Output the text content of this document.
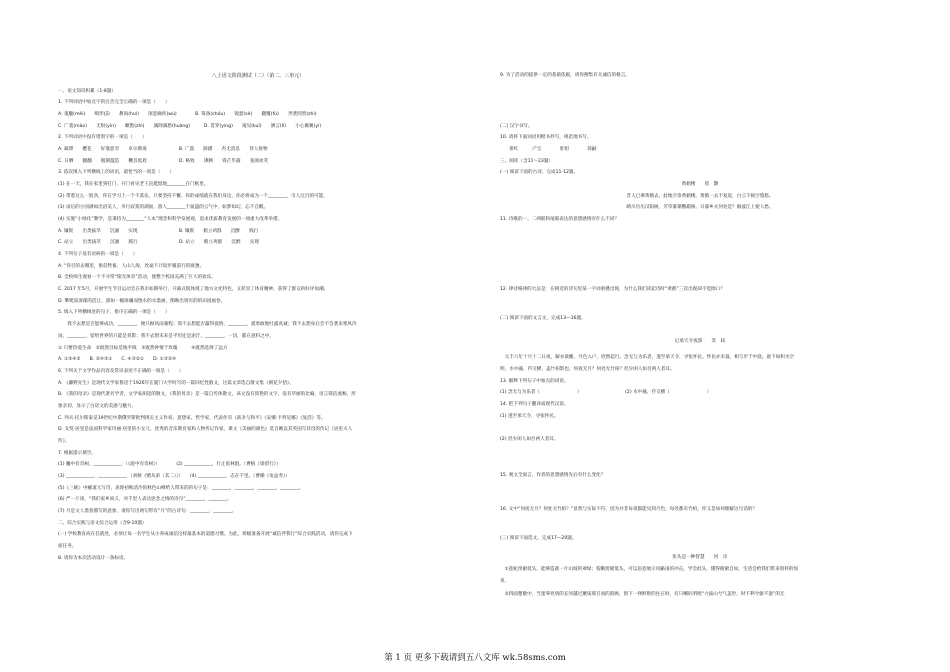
八上语文阶段测试（二）（第二、三单元）
一、语文知识积累（1-8题）
1. 下列词语中加点字的注音完全正确的一项是（　　）
A. 鬼魅(mèi)　　畸形(jī)　　教诲(huì)　　深恶痛疾(wù)　　　　B. 筹备(chóu)　　锦瑟(sè)　　翻覆(fù)　　世袭罔替(zhì)
C. 广袤(mào)　　无垠(yín)　　瞰饱(zhì)　　滅除滅愁(huàng)　　　D. 贯穿(yíng)　　窥见(kuī)　　洒言(lì)　　小心翼翼(yì)
2. 下列词语中没有错别字的一项是（　　）
A. 凝滞　　樱花　　好逸恶劳　　卓尔教诲　　　　　　　B. 广漠　　踌躇　　杏无消息　　待人接物
C. 日晒　　翻翻　　粗制滥造　　鞭首低眉　　　　　　　D. 格致　　沸腾　　锋芒毕露　　张颜欢笑
3. 依次填入下列横线上的词语，最恰当的一项是（　　）
(1) 在一天，我在家里到打门，开门看见老王直挺挺地________在门框里。
(2) 带着这么一股劲，你在学习上一个不落伍，只要坚持不懈，你的成绩就在我们身边，你必将成为一个________，引人注目的可能。
(3) 雨后的小园满如出浴美人，舟行寂寞的湖面，游人________于氤氲的云气中，如梦如幻，忘不自醒。
(4) 实施“小绿化”教学，是秉持为________“人本”理念和科学发展观，追求优质教育发展的一项重大改革举措。
A. 镶嵌　　出类拔萃　　沉湎　　实现　　　　　　　　　B. 镶嵌　　鹤立鸡群　　沉醉　　践行
C. 站立　　出类拔萃　　沉湎　　践行　　　　　　　　　D. 站立　　鹤立鸡群　　沉醉　　实现
4. 下列句子没有语病的一项是（　　）
A. “你目的去哪里，驱赶牲畜，人山人海，丝毫不计较步履前行的疲惫。
B. 全校师生观看一个不寻常“阳光体育”活动，使整个校园充满了巨大的欢乐。
C. 2017 年5月，开展学生节目运动会在我市如期举行，开幕式既体现了地方文化特色，又彰显了体育精神，获得了群众的好评如潮。
D. 攀爬南漳郁的活江，游如一幅斑斓而饱水的水墨画，倒映出别有韵的田园画卷。
5. 填入下列横线处的句子，排序正确的一项是（　　）
　　我不去想是否能够成功，________，便只顾风雨兼程；我不去想能否赢得爱情，________，就勇敢地吐露真诚；我不去想身后会不会袭来寒风冷
雨，________，留给世界的只能是背影；我不去想未来是平坦还是泥泞，________，一切，都在意料之中。
① 只要热爱生命　②既然目标是地平线　③既然钟情于玫瑰　　　④既然选择了远方
A. ①③④②　　B. ②④③①　　C. ④③②①　　D. ①③②④
6. 下列关于文学作品内容及常识表述不正确的一项是（　　）
A. 《藤野先生》是现代文学家鲁迅于1926年在厦门大学时写的一篇回忆性散文，这篇文章选自散文集《朝花夕拾》。
B. 《我的母亲》是现代著名学者、文学家胡适的散文，《我的母亲》是一篇自传体散文，该文没有浓艳的文字，没有华丽的比喻，语言简洁流畅，形
象亲切，显示了白话文的美感与魅力。
C. 列夫·托尔斯泰是19世纪中期俄罗斯批判现实主义作家、思想家、哲学家，代表作有《战争与和平》《安娜·卡列尼娜》《复活》等。
D. 戈契·居里是法国科学家玛丽·居里的小女儿，优秀的音乐教育家和人物传记作家，课文《美丽的颜色》选自她以其英国写其母的传记《居里夫人
传》。
7. 根据提示填空。
(1) 鏖中有奇树，____________，（《庭中有奇树》）　　　　(2) ____________，行止依林阻。（曹植《梁甫行》）
(3) ____________，____________，（刘桢《赠从弟（其二）》）　　(4) ____________，志在千里。（曹操《龟虽寿》）
(5)《三峡》中郦道元写诗，表现初秋清冷的秋色山峰给人带来的的句子是：________，________，________，________。
(6) 严一斤谈，“我们家乡尚义，对千里人表达思念之情的诗句”________，________。
(7) 月是文人墨客描写的意象，请你写出两句带有“月”的古诗句：________，________。
二、综合实践与语文综合运用（含9-10题）
(一) 学校教育尚在任就处，必须让每一名学生从小养成诚信这样最基本的道德习惯。为此，班级准备开展“诚信伴我行”综合实践活动，请你完成下
面任务。
8. 请你为本次活动设计一条标语。
9. 为了活动的提供一定的基础依据，请你搜集有关诚信的格言。
(二) 汉字书写。
10. 请将下面词语用楷书抄写，规范地书写。
　　排红　　　产宝　　　　肝胆　　　　简嗣
三、阅读（含11～23题）
(一) 阅读下面的古诗，完成11-12题。
黄鹤楼　　崔　颢
昔人已乘黄鹤去，此地空余黄鹤楼。黄鹤一去不复返，白云千载空悠悠。
晴川历历汉阳树，芳草萋萋鹦鹉洲。日暮乡关何处是？烟波江上使人愁。
11. 诗歌的一、二两联和尾联表达的思想感情有什么不同？
12. 律诗格律的大忌是：在相近的诗句里某一字词重叠出现，为什么我们读起诗时“黄鹤”三次出现却不觉拗口？
(二) 阅读下面的文言文，完成13—16题。
记承天寺夜游　　苏　轼
　元丰六年十月十二日夜，解衣欲睡，月色入户，欣然起行。念无与为乐者，遂至承天寺，寻张怀民。怀民亦未寝，相与步于中庭。庭下如积水空
明，水中藻、荇交横，盖竹柏影也。何夜无月？何处无竹柏？但少闲人如吾两人者耳。
13. 解释下列句子中加点的词语。
(1) 念无与为乐者（　　　　　　　　）　　　　　　　　　　(2) 水中藻、荇交横（　　　　　　　　）
14. 把下列句子翻译成现代汉语。
(1) 遂至承天寺，寻张怀民。
(2) 但少闲人如吾两人者耳。
15. 观文全面言，作者的思想感情先后有什么变化？
16. 文中“何夜无月？何处无竹柏？”显然与实际不符，因为并非每夜都能见到月色，每处都有竹柏，你又是如何理解这句话的？
(三) 阅读下面选文，完成17—20题。
张头是一种智慧　　河　岸
　①莲蛇傍俯低头，能够造就一片山坡的翠绿；狗鹅傍俯低头，可以恣意展示风籁雨的冲击，学会低头，懂得俯俯自如，生活会给我们带来别样的惊
喜。
　②四面楚歌中，当墨零亮到的长河越过邂垓那召而的韵顾，窗下一择鲜艳的往在时，有只喇叭明唱“力拔山兮气盖世，时不利兮骓不逝”的无
第 1 页 更多下载请到五八文库 wk.58sms.com
